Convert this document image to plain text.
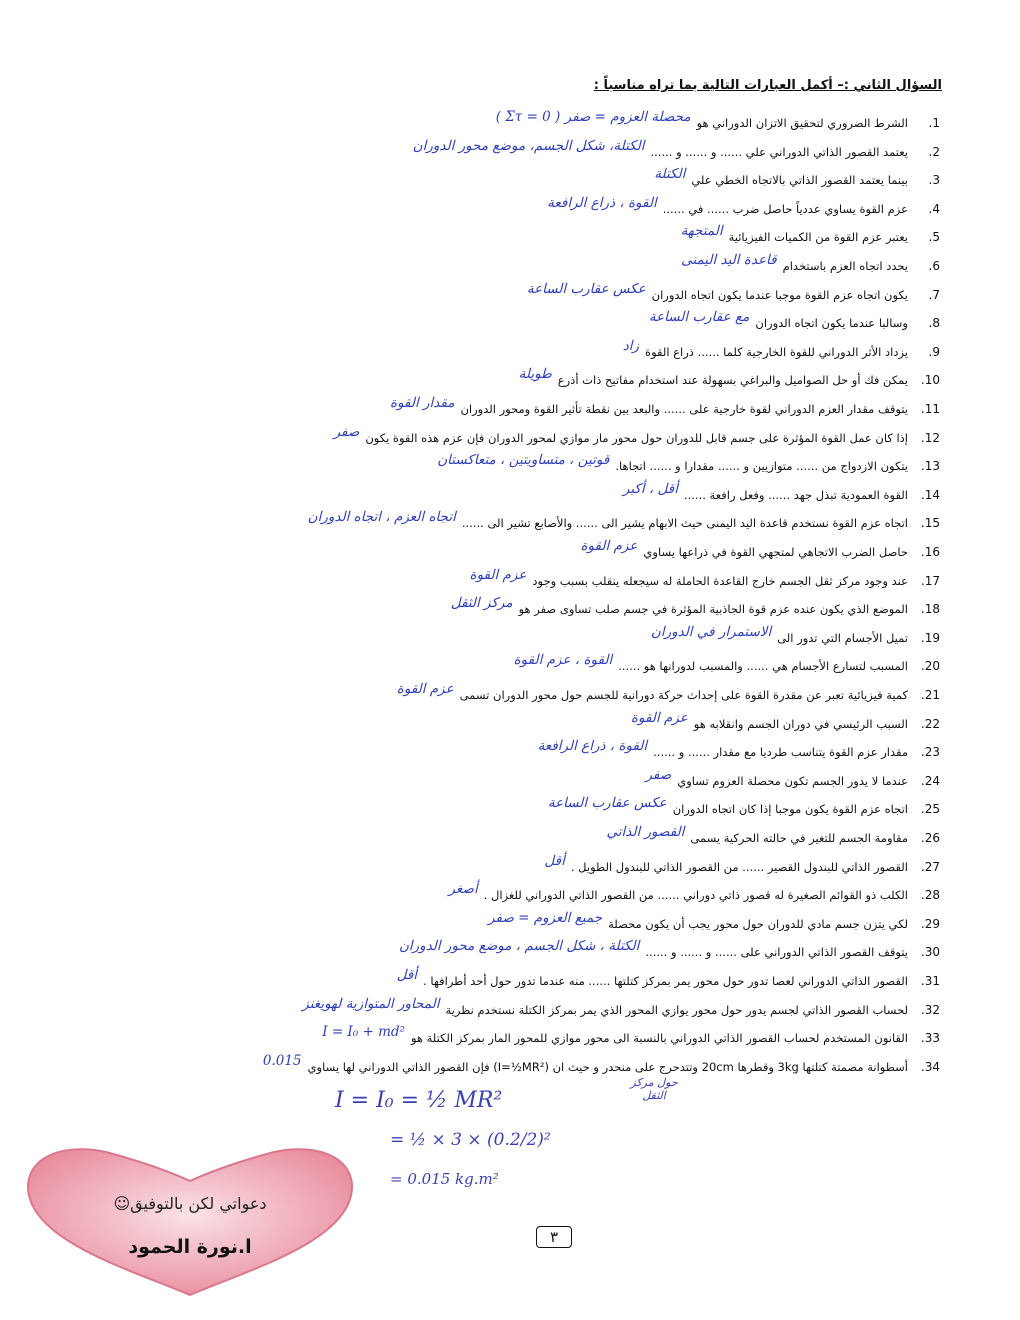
السؤال الثاني :– أكمل العبارات التالية بما تراه مناسباً :
1.
الشرط الضروري لتحقيق الاتزان الدوراني هو
محصلة العزوم = صفر ( Στ = 0 )
2.
يعتمد القصور الذاتي الدوراني علي ...... و ...... و ......
الكتلة، شكل الجسم، موضع محور الدوران
3.
بينما يعتمد القصور الذاتي بالاتجاه الخطي علي
الكتلة
4.
عزم القوة يساوي عددياً حاصل ضرب ...... في ......
القوة ، ذراع الرافعة
5.
يعتبر عزم القوة من الكميات الفيزيائية
المتجهة
6.
يحدد اتجاه العزم باستخدام
قاعدة اليد اليمنى
7.
يكون اتجاه عزم القوة موجبا عندما يكون اتجاه الدوران
عكس عقارب الساعة
8.
وسالبا عندما يكون اتجاه الدوران
مع عقارب الساعة
9.
يزداد الأثر الدوراني للقوة الخارجية كلما ...... ذراع القوة
زاد
10.
يمكن فك أو حل الصواميل والبراغي بسهولة عند استخدام مفاتيح ذات أذرع
طويلة
11.
يتوقف مقدار العزم الدوراني لقوة خارجية على ...... والبعد بين نقطة تأثير القوة ومحور الدوران
مقدار القوة
12.
إذا كان عمل القوة المؤثرة على جسم قابل للدوران حول محور مار موازي لمحور الدوران فإن عزم هذه القوة يكون
صفر
13.
يتكون الازدواج من ...... متوازيين و ...... مقدارا و ...... اتجاها.
قوتين ، متساويتين ، متعاكستان
14.
القوة العمودية تبذل جهد ...... وفعل رافعة ......
أقل ، أكبر
15.
اتجاه عزم القوة نستخدم قاعدة اليد اليمنى حيث الابهام يشير الى ...... والأصابع تشير الى ......
اتجاه العزم ، اتجاه الدوران
16.
حاصل الضرب الاتجاهي لمتجهي القوة في ذراعها يساوي
عزم القوة
17.
عند وجود مركز ثقل الجسم خارج القاعدة الحاملة له سيجعله ينقلب بسبب وجود
عزم القوة
18.
الموضع الذي يكون عنده عزم قوة الجاذبية المؤثرة في جسم صلب تساوى صفر هو
مركز الثقل
19.
تميل الأجسام التي تدور الى
الاستمرار في الدوران
20.
المسبب لتسارع الأجسام هي ...... والمسبب لدورانها هو ......
القوة ، عزم القوة
21.
كمية فيزيائية تعبر عن مقدرة القوة على إحداث حركة دورانية للجسم حول محور الدوران تسمى
عزم القوة
22.
السبب الرئيسي في دوران الجسم وانقلابه هو
عزم القوة
23.
مقدار عزم القوة يتناسب طرديا مع مقدار ...... و ......
القوة ، ذراع الرافعة
24.
عندما لا يدور الجسم تكون محصلة العزوم تساوي
صفر
25.
اتجاه عزم القوة يكون موجبا إذا كان اتجاه الدوران
عكس عقارب الساعة
26.
مقاومة الجسم للتغير في حالته الحركية يسمى
القصور الذاتي
27.
القصور الذاتي للبندول القصير ...... من القصور الذاتي للبندول الطويل .
أقل
28.
الكلب ذو القوائم الصغيرة له قصور ذاتي دوراني ...... من القصور الذاتي الدوراني للغزال .
أصغر
29.
لكي يتزن جسم مادي للدوران حول محور يجب أن يكون محصلة
جميع العزوم = صفر
30.
يتوقف القصور الذاتي الدوراني على ...... و ...... و ......
الكتلة ، شكل الجسم ، موضع محور الدوران
31.
القصور الذاتي الدوراني لعصا تدور حول محور يمر بمركز كتلتها ...... منه عندما تدور حول أحد أطرافها .
أقل
32.
لحساب القصور الذاتي لجسم يدور حول محور يوازي المحور الذي يمر بمركز الكتلة نستخدم نظرية
المحاور المتوازية لهويغنز
33.
القانون المستخدم لحساب القصور الذاتي الدوراني بالنسبة الى محور موازي للمحور المار بمركز الكتلة هو
I = I₀ + md²
34.
أسطوانة مصمتة كتلتها 3kg وقطرها 20cm وتتدحرج على منحدر و حيث ان (I=½MR²) فإن القصور الذاتي الدوراني لها يساوي
0.015
حول مركز الثقل
I = I₀ = ½ MR²
= ½ × 3 × (0.2/2)²
= 0.015 kg.m²
دعواتي لكن بالتوفيق☺
ا.نورة الحمود	٣
